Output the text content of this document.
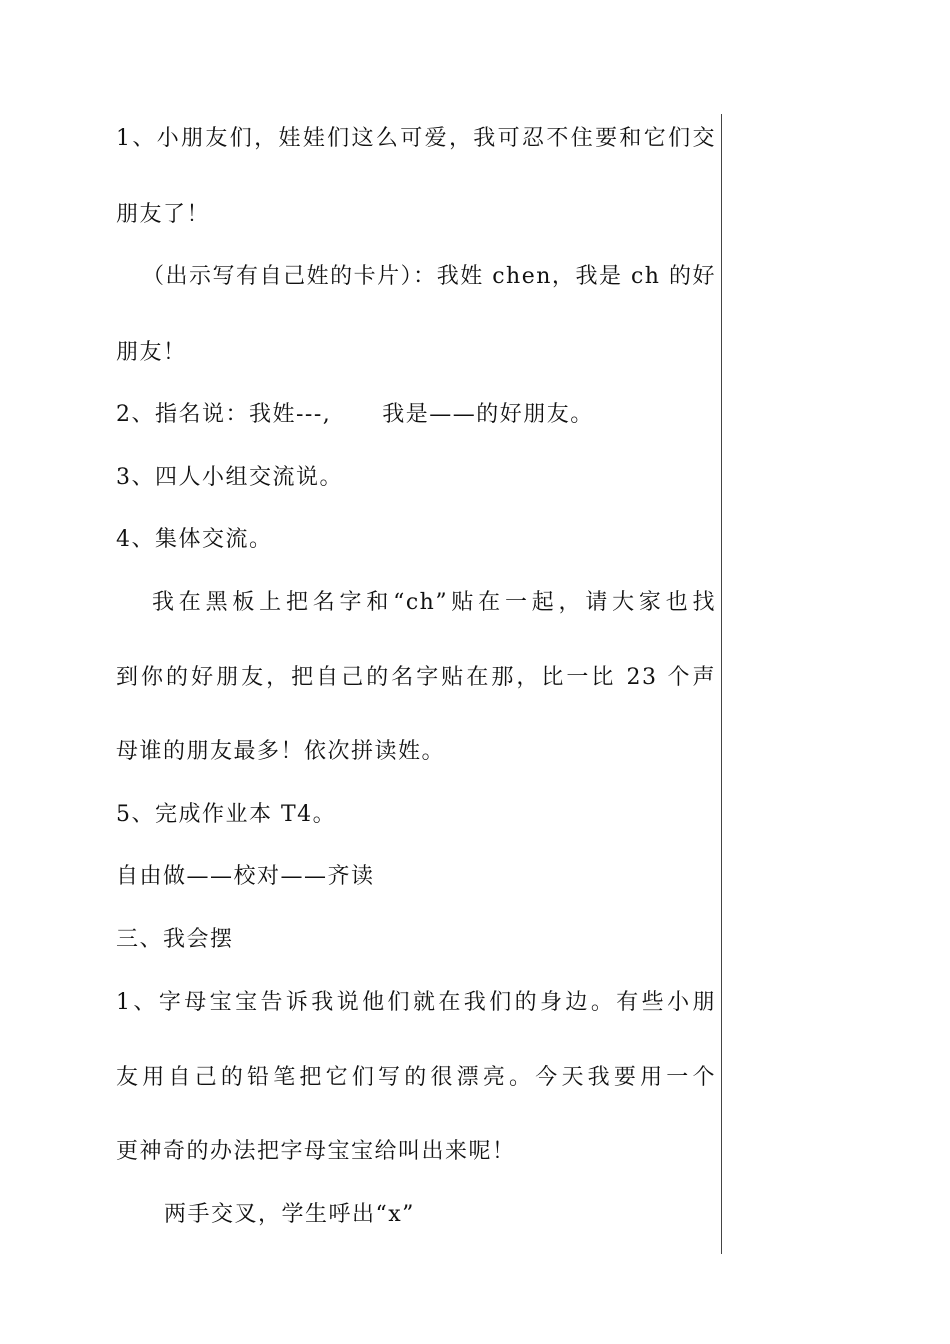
1、小朋友们，娃娃们这么可爱，我可忍不住要和它们交
朋友了！
（出示写有自己姓的卡片）：我姓 chen，我是 ch 的好
朋友！
2、指名说：我姓---,      我是——的好朋友。
3、四人小组交流说。
4、集体交流。
我在黑板上把名字和“ch”贴在一起，请大家也找
到你的好朋友，把自己的名字贴在那，比一比 23 个声
母谁的朋友最多！依次拼读姓。
5、完成作业本 T4。
自由做——校对——齐读
三、我会摆
1、字母宝宝告诉我说他们就在我们的身边。有些小朋
友用自己的铅笔把它们写的很漂亮。今天我要用一个
更神奇的办法把字母宝宝给叫出来呢！
两手交叉，学生呼出“x”
